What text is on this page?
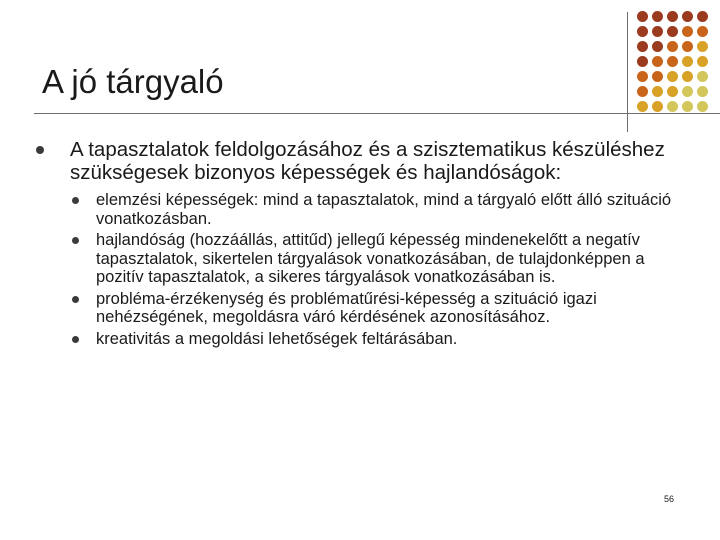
A jó tárgyaló
A tapasztalatok feldolgozásához és a szisztematikus készüléshez szükségesek bizonyos képességek és hajlandóságok:
elemzési képességek: mind a tapasztalatok, mind a tárgyaló előtt álló szituáció vonatkozásban.
hajlandóság (hozzáállás, attitűd) jellegű képesség mindenekelőtt a negatív tapasztalatok, sikertelen tárgyalások vonatkozásában, de tulajdonképpen a pozitív tapasztalatok, a sikeres tárgyalások vonatkozásában is.
probléma-érzékenység és problématűrési-képesség a szituáció igazi nehézségének, megoldásra váró kérdésének azonosításához.
kreativitás a megoldási lehetőségek feltárásában.
56
